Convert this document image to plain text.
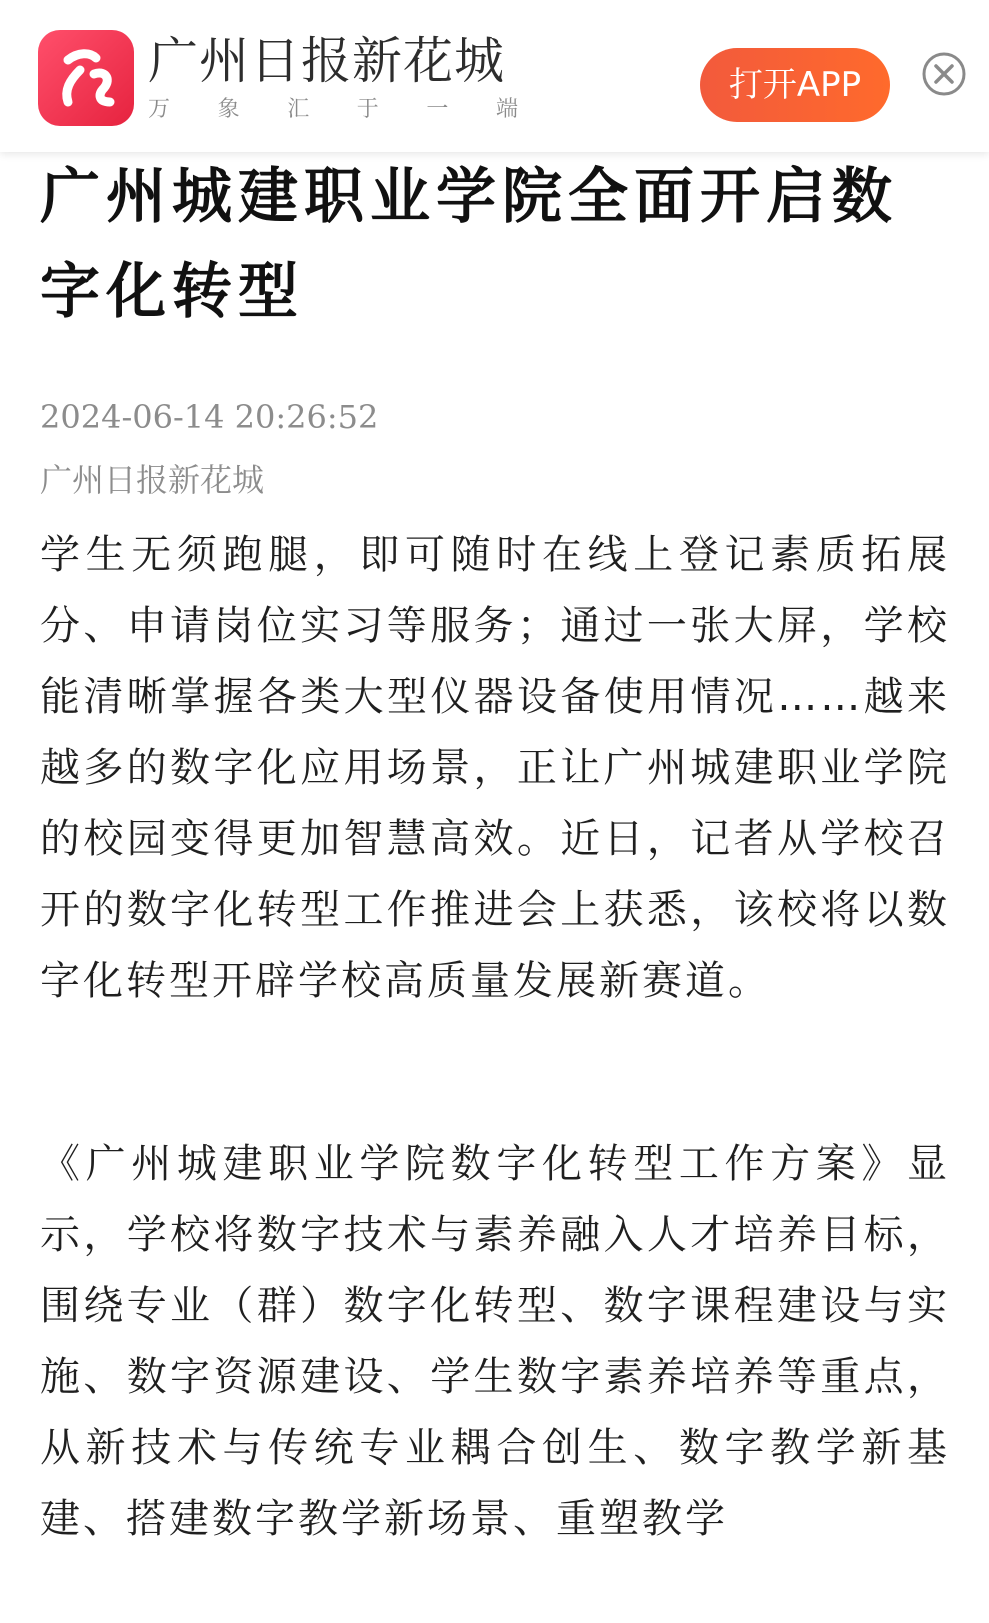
广州日报新花城
万 象 汇 于 一 端
打开APP
广州城建职业学院全面开启数字化转型
2024-06-14 20:26:52
广州日报新花城

学生无须跑腿，即可随时在线上登记素质拓展分、申请岗位实习等服务；通过一张大屏，学校能清晰掌握各类大型仪器设备使用情况……越来越多的数字化应用场景，正让广州城建职业学院的校园变得更加智慧高效。近日，记者从学校召开的数字化转型工作推进会上获悉，该校将以数字化转型开辟学校高质量发展新赛道。

《广州城建职业学院数字化转型工作方案》显示，学校将数字技术与素养融入人才培养目标，围绕专业（群）数字化转型、数字课程建设与实施、数字资源建设、学生数字素养培养等重点，从新技术与传统专业耦合创生、数字教学新基建、搭建数字教学新场景、重塑教学
